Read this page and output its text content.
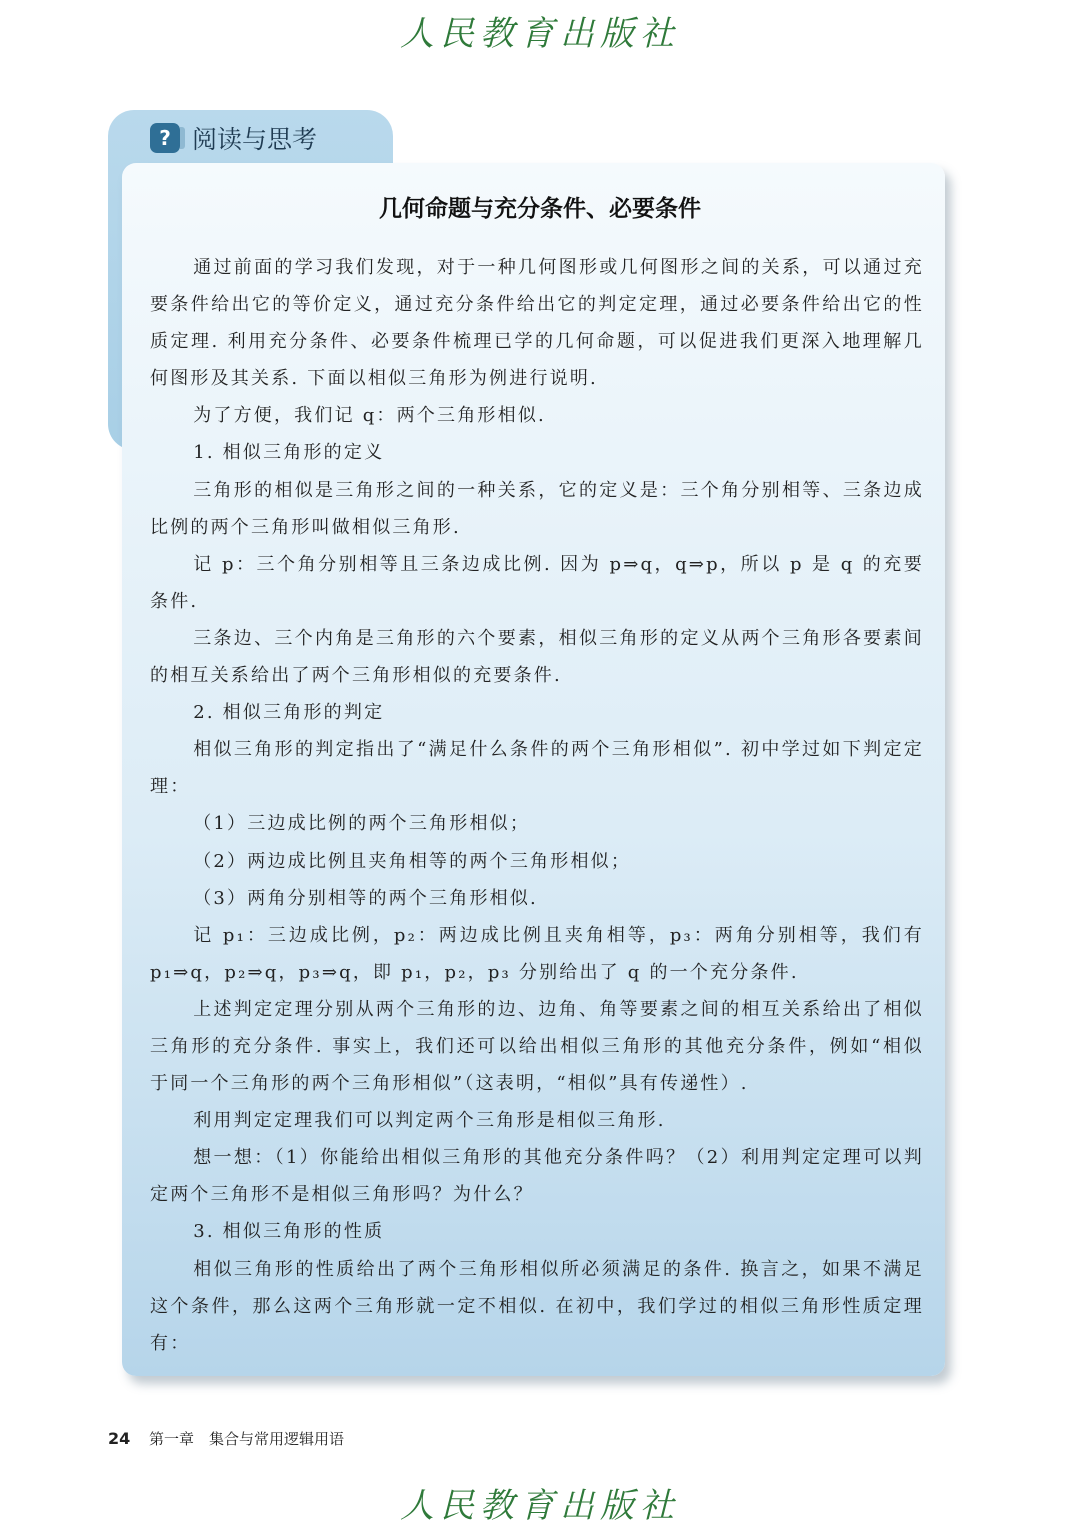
人民教育出版社
? 阅读与思考
几何命题与充分条件、必要条件

通过前面的学习我们发现，对于一种几何图形或几何图形之间的关系，可以通过充要条件给出它的等价定义，通过充分条件给出它的判定定理，通过必要条件给出它的性质定理. 利用充分条件、必要条件梳理已学的几何命题，可以促进我们更深入地理解几何图形及其关系. 下面以相似三角形为例进行说明.

为了方便，我们记 q：两个三角形相似.

1. 相似三角形的定义

三角形的相似是三角形之间的一种关系，它的定义是：三个角分别相等、三条边成比例的两个三角形叫做相似三角形.

记 p：三个角分别相等且三条边成比例. 因为 p⇒q，q⇒p，所以 p 是 q 的充要条件.

三条边、三个内角是三角形的六个要素，相似三角形的定义从两个三角形各要素间的相互关系给出了两个三角形相似的充要条件.

2. 相似三角形的判定

相似三角形的判定指出了“满足什么条件的两个三角形相似”. 初中学过如下判定定理：

（1）三边成比例的两个三角形相似；

（2）两边成比例且夹角相等的两个三角形相似；

（3）两角分别相等的两个三角形相似.

记 p₁：三边成比例，p₂：两边成比例且夹角相等，p₃：两角分别相等，我们有 p₁⇒q，p₂⇒q，p₃⇒q，即 p₁，p₂，p₃ 分别给出了 q 的一个充分条件.

上述判定定理分别从两个三角形的边、边角、角等要素之间的相互关系给出了相似三角形的充分条件. 事实上，我们还可以给出相似三角形的其他充分条件，例如“相似于同一个三角形的两个三角形相似”（这表明，“相似”具有传递性）.

利用判定定理我们可以判定两个三角形是相似三角形.

想一想：（1）你能给出相似三角形的其他充分条件吗？（2）利用判定定理可以判定两个三角形不是相似三角形吗？为什么？

3. 相似三角形的性质

相似三角形的性质给出了两个三角形相似所必须满足的条件. 换言之，如果不满足这个条件，那么这两个三角形就一定不相似. 在初中，我们学过的相似三角形性质定理有：

24 第一章　集合与常用逻辑用语
人民教育出版社
